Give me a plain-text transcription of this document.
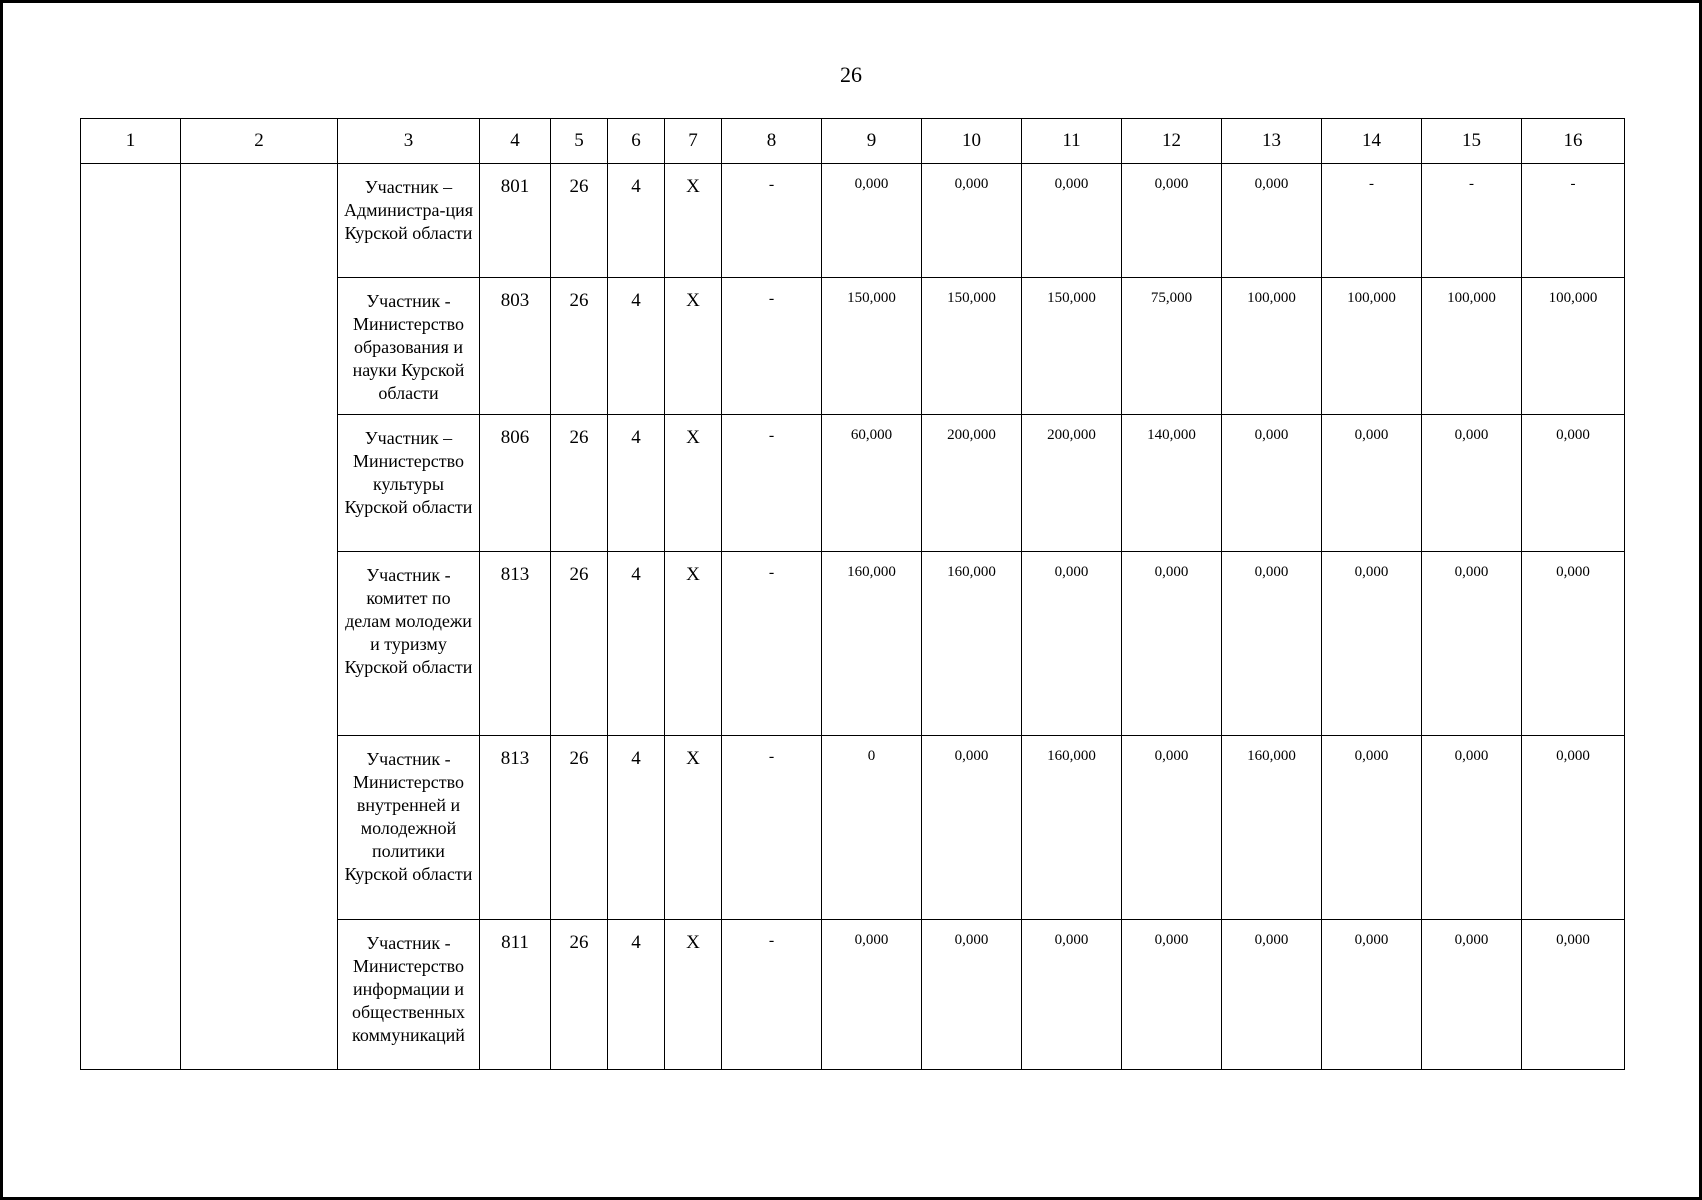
26
1	2	3	4	5	6	7	8	9	10	11	12	13	14	15	16
		Участник – Администра-ция Курской области	801	26	4	Х	-	0,000	0,000	0,000	0,000	0,000	-	-	-
		Участник - Министерство образования и науки Курской области	803	26	4	Х	-	150,000	150,000	150,000	75,000	100,000	100,000	100,000	100,000
		Участник – Министерство культуры Курской области	806	26	4	Х	-	60,000	200,000	200,000	140,000	0,000	0,000	0,000	0,000
		Участник - комитет по делам молодежи и туризму Курской области	813	26	4	Х	-	160,000	160,000	0,000	0,000	0,000	0,000	0,000	0,000
		Участник - Министерство внутренней и молодежной политики Курской области	813	26	4	Х	-	0	0,000	160,000	0,000	160,000	0,000	0,000	0,000
		Участник - Министерство информации и общественных коммуникаций	811	26	4	Х	-	0,000	0,000	0,000	0,000	0,000	0,000	0,000	0,000
